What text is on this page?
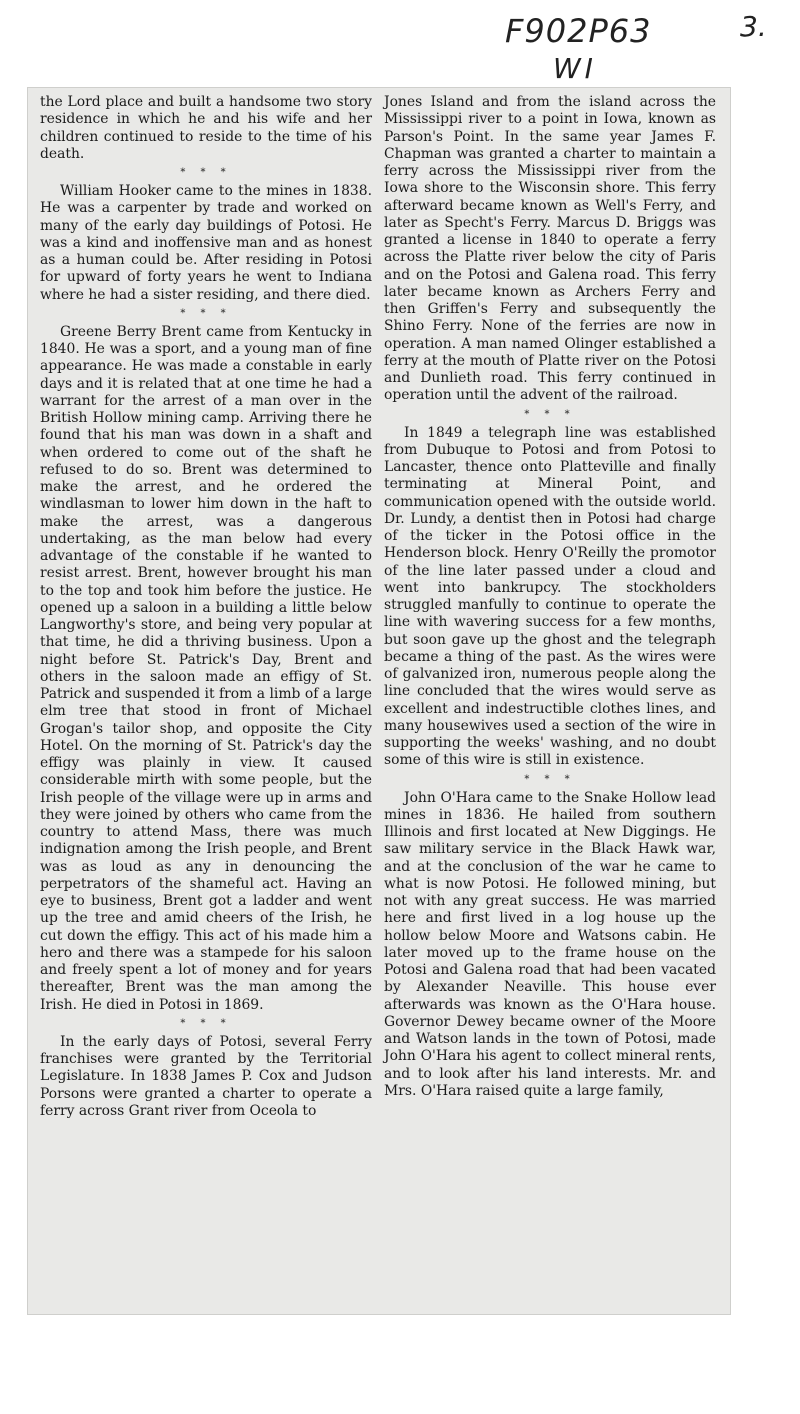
F902P63
WI
3.

the Lord place and built a handsome two story residence in which he and his wife and her children continued to reside to the time of his death.

* * *

William Hooker came to the mines in 1838. He was a carpenter by trade and worked on many of the early day buildings of Potosi. He was a kind and inoffensive man and as honest as a human could be. After residing in Potosi for upward of forty years he went to Indiana where he had a sister residing, and there died.

* * *

Greene Berry Brent came from Kentucky in 1840. He was a sport, and a young man of fine appearance. He was made a constable in early days and it is related that at one time he had a warrant for the arrest of a man over in the British Hollow mining camp. Arriving there he found that his man was down in a shaft and when ordered to come out of the shaft he refused to do so. Brent was determined to make the arrest, and he ordered the windlasman to lower him down in the haft to make the arrest, was a dangerous undertaking, as the man below had every advantage of the constable if he wanted to resist arrest. Brent, however brought his man to the top and took him before the justice. He opened up a saloon in a building a little below Langworthy's store, and being very popular at that time, he did a thriving business. Upon a night before St. Patrick's Day, Brent and others in the saloon made an effigy of St. Patrick and suspended it from a limb of a large elm tree that stood in front of Michael Grogan's tailor shop, and opposite the City Hotel. On the morning of St. Patrick's day the effigy was plainly in view. It caused considerable mirth with some people, but the Irish people of the village were up in arms and they were joined by others who came from the country to attend Mass, there was much indignation among the Irish people, and Brent was as loud as any in denouncing the perpetrators of the shameful act. Having an eye to business, Brent got a ladder and went up the tree and amid cheers of the Irish, he cut down the effigy. This act of his made him a hero and there was a stampede for his saloon and freely spent a lot of money and for years thereafter, Brent was the man among the Irish. He died in Potosi in 1869.

* * *

In the early days of Potosi, several Ferry franchises were granted by the Territorial Legislature. In 1838 James P. Cox and Judson Porsons were granted a charter to operate a ferry across Grant river from Oceola to

Jones Island and from the island across the Mississippi river to a point in Iowa, known as Parson's Point. In the same year James F. Chapman was granted a charter to maintain a ferry across the Mississippi river from the Iowa shore to the Wisconsin shore. This ferry afterward became known as Well's Ferry, and later as Specht's Ferry. Marcus D. Briggs was granted a license in 1840 to operate a ferry across the Platte river below the city of Paris and on the Potosi and Galena road. This ferry later became known as Archers Ferry and then Griffen's Ferry and subsequently the Shino Ferry. None of the ferries are now in operation. A man named Olinger established a ferry at the mouth of Platte river on the Potosi and Dunlieth road. This ferry continued in operation until the advent of the railroad.

* * *

In 1849 a telegraph line was established from Dubuque to Potosi and from Potosi to Lancaster, thence onto Platteville and finally terminating at Mineral Point, and communication opened with the outside world. Dr. Lundy, a dentist then in Potosi had charge of the ticker in the Potosi office in the Henderson block. Henry O'Reilly the promotor of the line later passed under a cloud and went into bankrupcy. The stockholders struggled manfully to continue to operate the line with wavering success for a few months, but soon gave up the ghost and the telegraph became a thing of the past. As the wires were of galvanized iron, numerous people along the line concluded that the wires would serve as excellent and indestructible clothes lines, and many housewives used a section of the wire in supporting the weeks' washing, and no doubt some of this wire is still in existence.

* * *

John O'Hara came to the Snake Hollow lead mines in 1836. He hailed from southern Illinois and first located at New Diggings. He saw military service in the Black Hawk war, and at the conclusion of the war he came to what is now Potosi. He followed mining, but not with any great success. He was married here and first lived in a log house up the hollow below Moore and Watsons cabin. He later moved up to the frame house on the Potosi and Galena road that had been vacated by Alexander Neaville. This house ever afterwards was known as the O'Hara house. Governor Dewey became owner of the Moore and Watson lands in the town of Potosi, made John O'Hara his agent to collect mineral rents, and to look after his land interests. Mr. and Mrs. O'Hara raised quite a large family,
